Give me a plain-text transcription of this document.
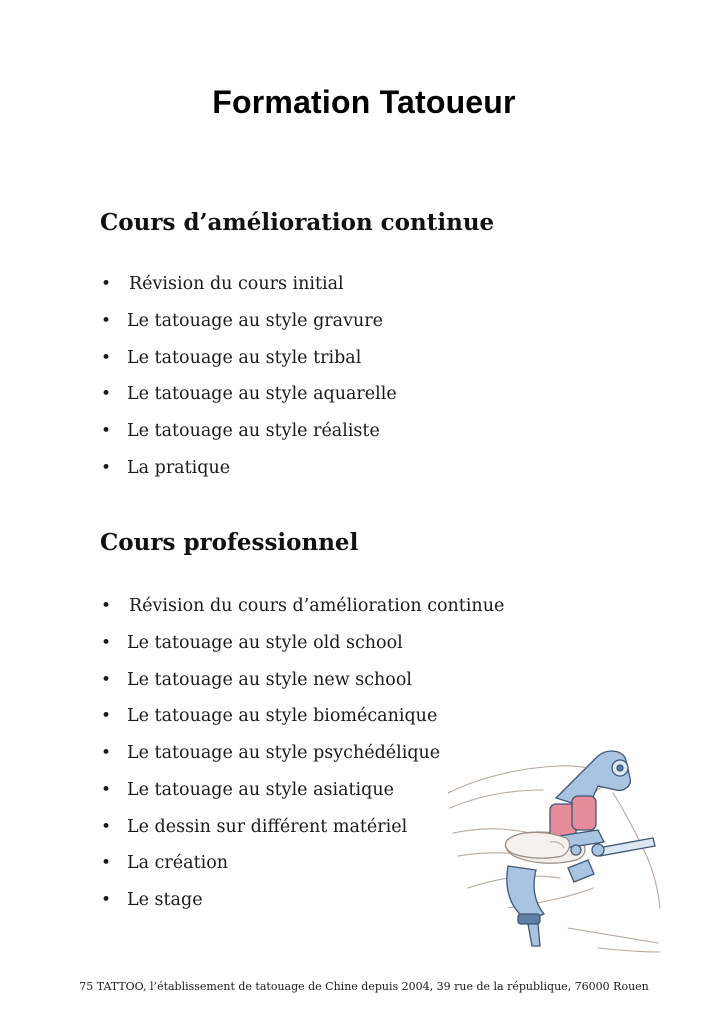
Formation Tatoueur
Cours d’amélioration continue
• Révision du cours initial
• Le tatouage au style gravure
• Le tatouage au style tribal
• Le tatouage au style aquarelle
• Le tatouage au style réaliste
• La pratique
Cours professionnel
• Révision du cours d’amélioration continue
• Le tatouage au style old school
• Le tatouage au style new school
• Le tatouage au style biomécanique
• Le tatouage au style psychédélique
• Le tatouage au style asiatique
• Le dessin sur différent matériel
• La création
• Le stage
75 TATTOO, l’établissement de tatouage de Chine depuis 2004, 39 rue de la république, 76000 Rouen
